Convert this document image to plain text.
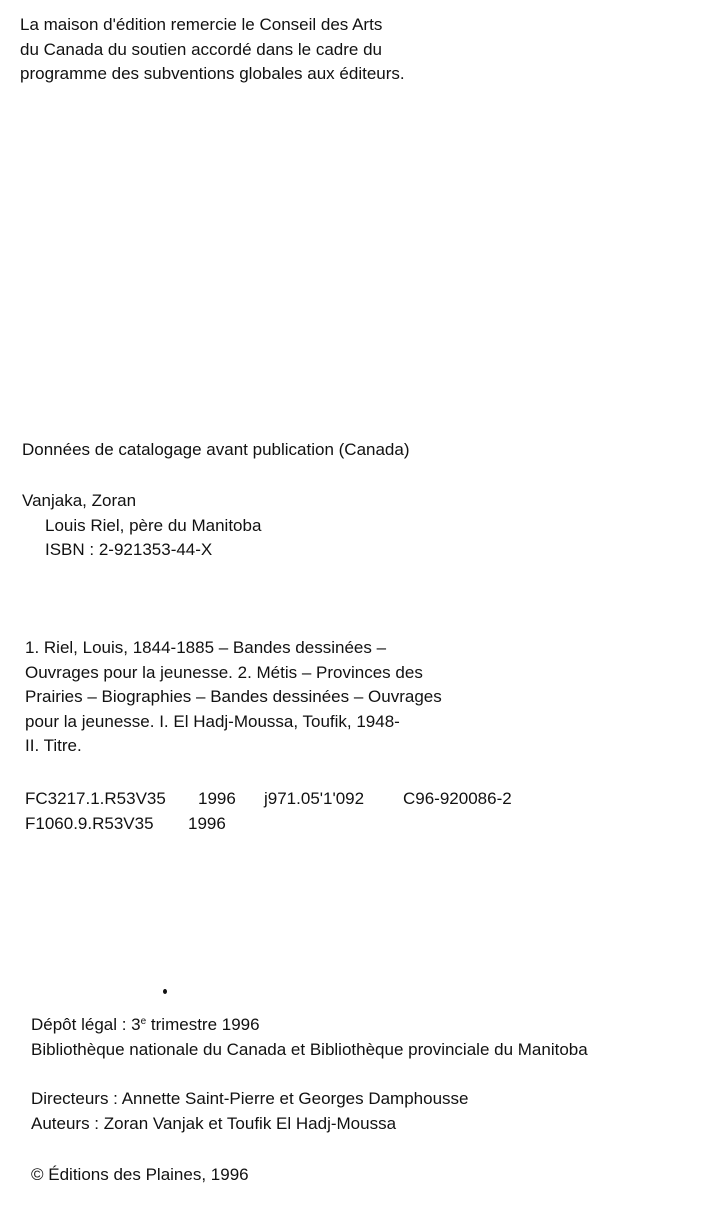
La maison d'édition remercie le Conseil des Arts
du Canada du soutien accordé dans le cadre du
programme des subventions globales aux éditeurs.
Données de catalogage avant publication (Canada)
Vanjaka, Zoran
Louis Riel, père du Manitoba
ISBN : 2-921353-44-X
1. Riel, Louis, 1844-1885 – Bandes dessinées –
Ouvrages pour la jeunesse. 2. Métis – Provinces des
Prairies – Biographies – Bandes dessinées – Ouvrages
pour la jeunesse. I. El Hadj-Moussa, Toufik, 1948-
II. Titre.

FC3217.1.R53V35

1996

j971.05'1'092

C96-920086-2

F1060.9.R53V35

1996

Dépôt légal : 3e trimestre 1996
Bibliothèque nationale du Canada et Bibliothèque provinciale du Manitoba
Directeurs : Annette Saint-Pierre et Georges Damphousse
Auteurs : Zoran Vanjak et Toufik El Hadj-Moussa
© Éditions des Plaines, 1996
